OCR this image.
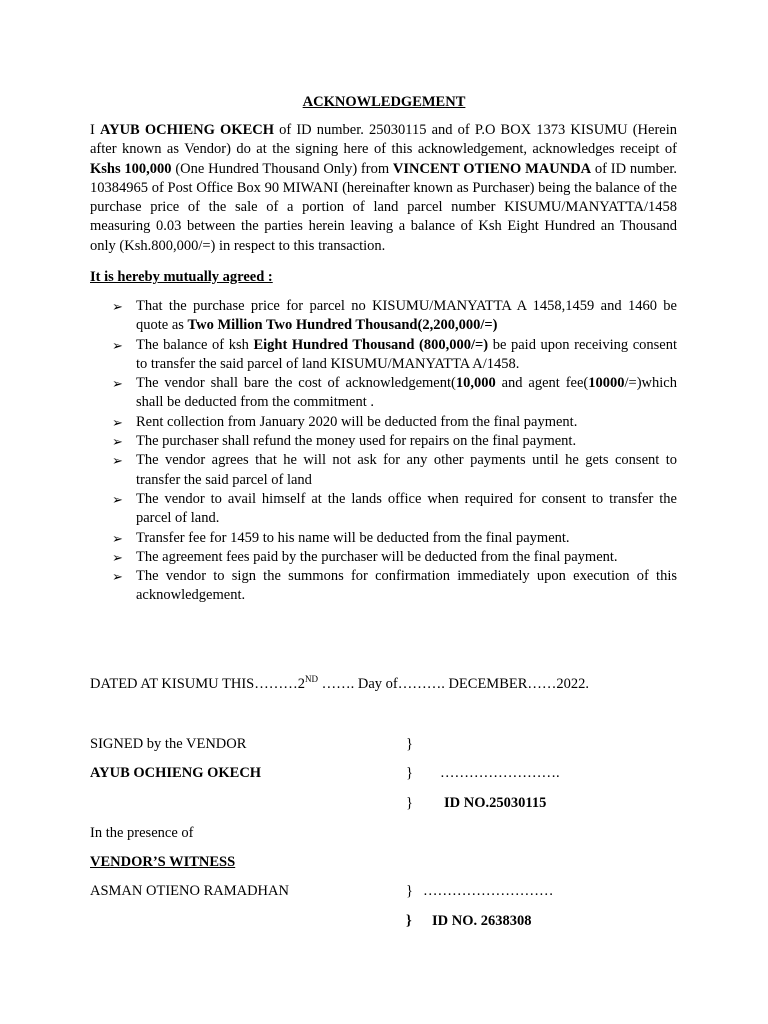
ACKNOWLEDGEMENT

I AYUB OCHIENG OKECH of ID number. 25030115 and of P.O BOX 1373 KISUMU (Herein after known as Vendor) do at the signing here of this acknowledgement, acknowledges receipt of Kshs 100,000 (One Hundred Thousand Only) from VINCENT OTIENO MAUNDA of ID number. 10384965 of Post Office Box 90 MIWANI (hereinafter known as Purchaser) being the balance of the purchase price of the sale of a portion of land parcel number KISUMU/MANYATTA/1458 measuring 0.03 between the parties herein leaving a balance of Ksh Eight Hundred an Thousand only (Ksh.800,000/=) in respect to this transaction.

It is hereby mutually agreed :
➢ That the purchase price for parcel no KISUMU/MANYATTA A 1458,1459 and 1460 be quote as Two Million Two Hundred Thousand(2,200,000/=)
➢ The balance of ksh Eight Hundred Thousand (800,000/=) be paid upon receiving consent to transfer the said parcel of land KISUMU/MANYATTA A/1458.
➢ The vendor shall bare the cost of acknowledgement(10,000 and agent fee(10000/=)which shall be deducted from the commitment .
➢ Rent collection from January 2020 will be deducted from the final payment.
➢ The purchaser shall refund the money used for repairs on the final payment.
➢ The vendor agrees that he will not ask for any other payments until he gets consent to transfer the said parcel of land
➢ The vendor to avail himself at the lands office when required for consent to transfer the parcel of land.
➢ Transfer fee for 1459 to his name will be deducted from the final payment.
➢ The agreement fees paid by the purchaser will be deducted from the final payment.
➢ The vendor to sign the summons for confirmation immediately upon execution of this acknowledgement.
DATED AT KISUMU THIS………2ND ……. Day of………. DECEMBER……2022.
SIGNED by the VENDOR	}
AYUB OCHIENG OKECH	} …………………….
} ID NO.25030115
In the presence of
VENDOR’S WITNESS
ASMAN OTIENO RAMADHAN	} ………………………
} ID NO. 2638308
